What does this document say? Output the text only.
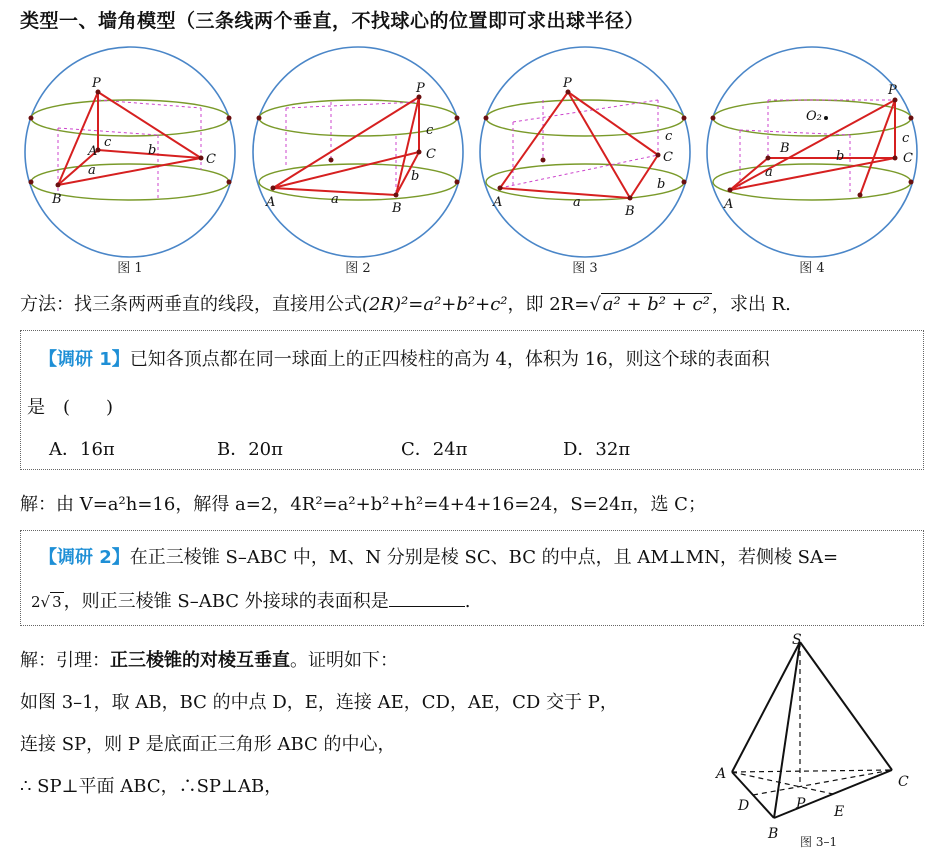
类型一、墙角模型（三条线两个垂直，不找球心的位置即可求出球半径）
P
A
B
C
c
a
b
图 1
P
A	B
C
c
a
b
图 2
P
A
B
C
c
a
b
图 3
P
A
B
C
c
a
b
O₂
图 4
方法：找三条两两垂直的线段，直接用公式(2R)²=a²+b²+c²，即 2R=√ a² + b² + c² ，求出 R.
【调研 1】已知各顶点都在同一球面上的正四棱柱的高为 4，体积为 16，则这个球的表面积
是　(　　)
A．16π	B．20π	C．24π	D．32π
解：由 V=a²h=16，解得 a=2，4R²=a²+b²+h²=4+4+16=24，S=24π，选 C；
【调研 2】在正三棱锥 S–ABC 中，M、N 分别是棱 SC、BC 的中点，且 AM⊥MN，若侧棱 SA=
2√ 3 ，则正三棱锥 S–ABC 外接球的表面积是	.
解：引理：正三棱锥的对棱互垂直。证明如下：
如图 3–1，取 AB，BC 的中点 D，E，连接 AE，CD，AE，CD 交于 P，
连接 SP，则 P 是底面正三角形 ABC 的中心，
∴ SP⊥平面 ABC，∴SP⊥AB，
S
A
B
C
D	E
P
图 3–1
